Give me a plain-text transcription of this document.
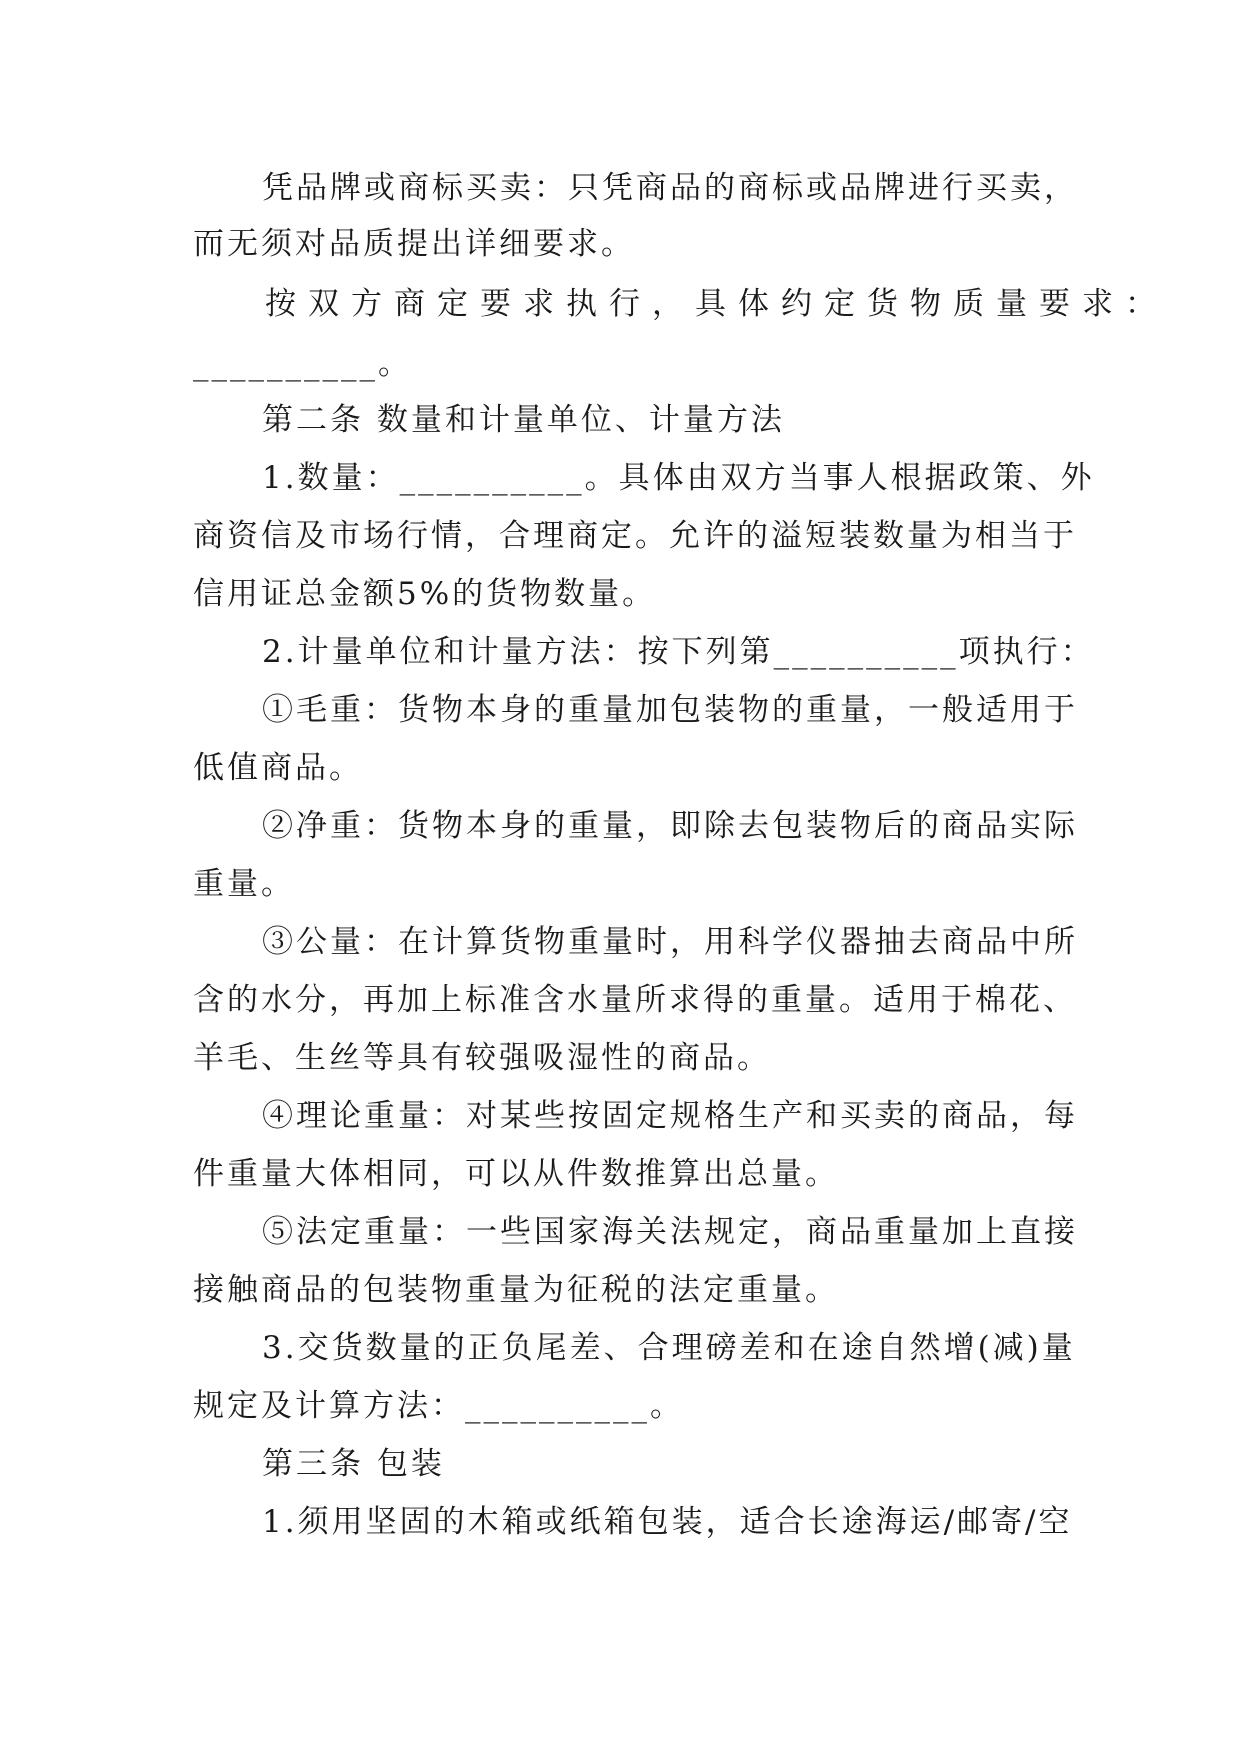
凭品牌或商标买卖：只凭商品的商标或品牌进行买卖，
而无须对品质提出详细要求。
按双方商定要求执行，具体约定货物质量要求：
__________。
第二条 数量和计量单位、计量方法
1.数量：__________。具体由双方当事人根据政策、外
商资信及市场行情，合理商定。允许的溢短装数量为相当于
信用证总金额5%的货物数量。
2.计量单位和计量方法：按下列第__________项执行：
①毛重：货物本身的重量加包装物的重量，一般适用于
低值商品。
②净重：货物本身的重量，即除去包装物后的商品实际
重量。
③公量：在计算货物重量时，用科学仪器抽去商品中所
含的水分，再加上标准含水量所求得的重量。适用于棉花、
羊毛、生丝等具有较强吸湿性的商品。
④理论重量：对某些按固定规格生产和买卖的商品，每
件重量大体相同，可以从件数推算出总量。
⑤法定重量：一些国家海关法规定，商品重量加上直接
接触商品的包装物重量为征税的法定重量。
3.交货数量的正负尾差、合理磅差和在途自然增(减)量
规定及计算方法：__________。
第三条 包装
1.须用坚固的木箱或纸箱包装，适合长途海运/邮寄/空
